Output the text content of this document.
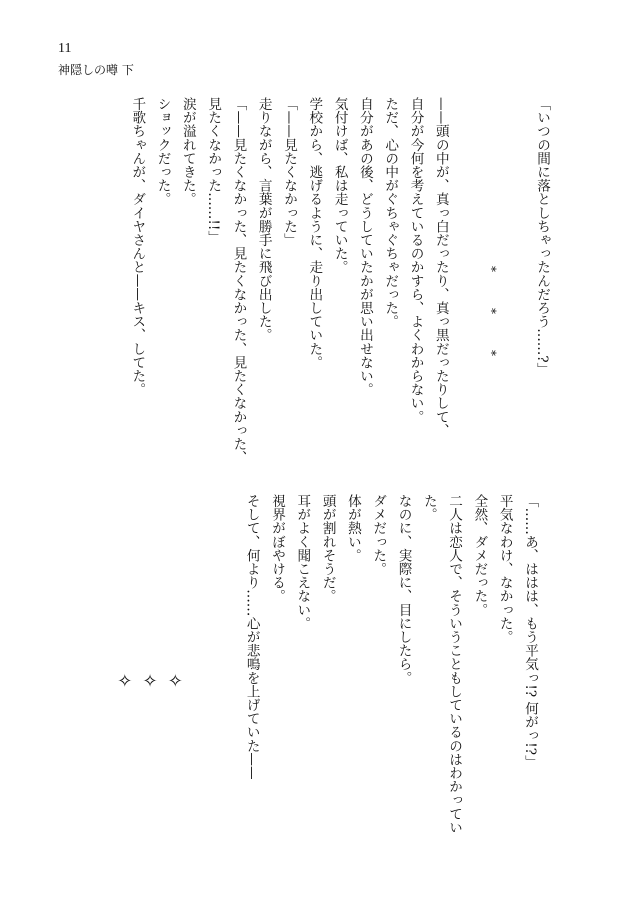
11
神隠しの噂 下
「いつの間に落としちゃったんだろう……?」

*　　　*　　　*

——頭の中が、真っ白だったり、真っ黒だったりして、
自分が今何を考えているのかすら、よくわからない。
ただ、心の中がぐちゃぐちゃだった。
自分があの後、どうしていたかが思い出せない。
気付けば、私は走っていた。
学校から、逃げるように、走り出していた。
「——見たくなかった」
走りながら、言葉が勝手に飛び出した。
「——見たくなかった、見たくなかった、見たくなかった、
見たくなかった……!!」
涙が溢れてきた。
ショックだった。
千歌ちゃんが、ダイヤさんと——キス、してた。
「……あ、ははは、もう平気っ!? 何がっ!?」
平気なわけ、なかった。
全然、ダメだった。
二人は恋人で、そういうこともしているのはわかってい
た。
なのに、実際に、目にしたら。
ダメだった。
体が熱い。
頭が割れそうだ。
耳がよく聞こえない。
視界がぼやける。
そして、何より……心が悲鳴を上げていた——

✧
✧
✧
